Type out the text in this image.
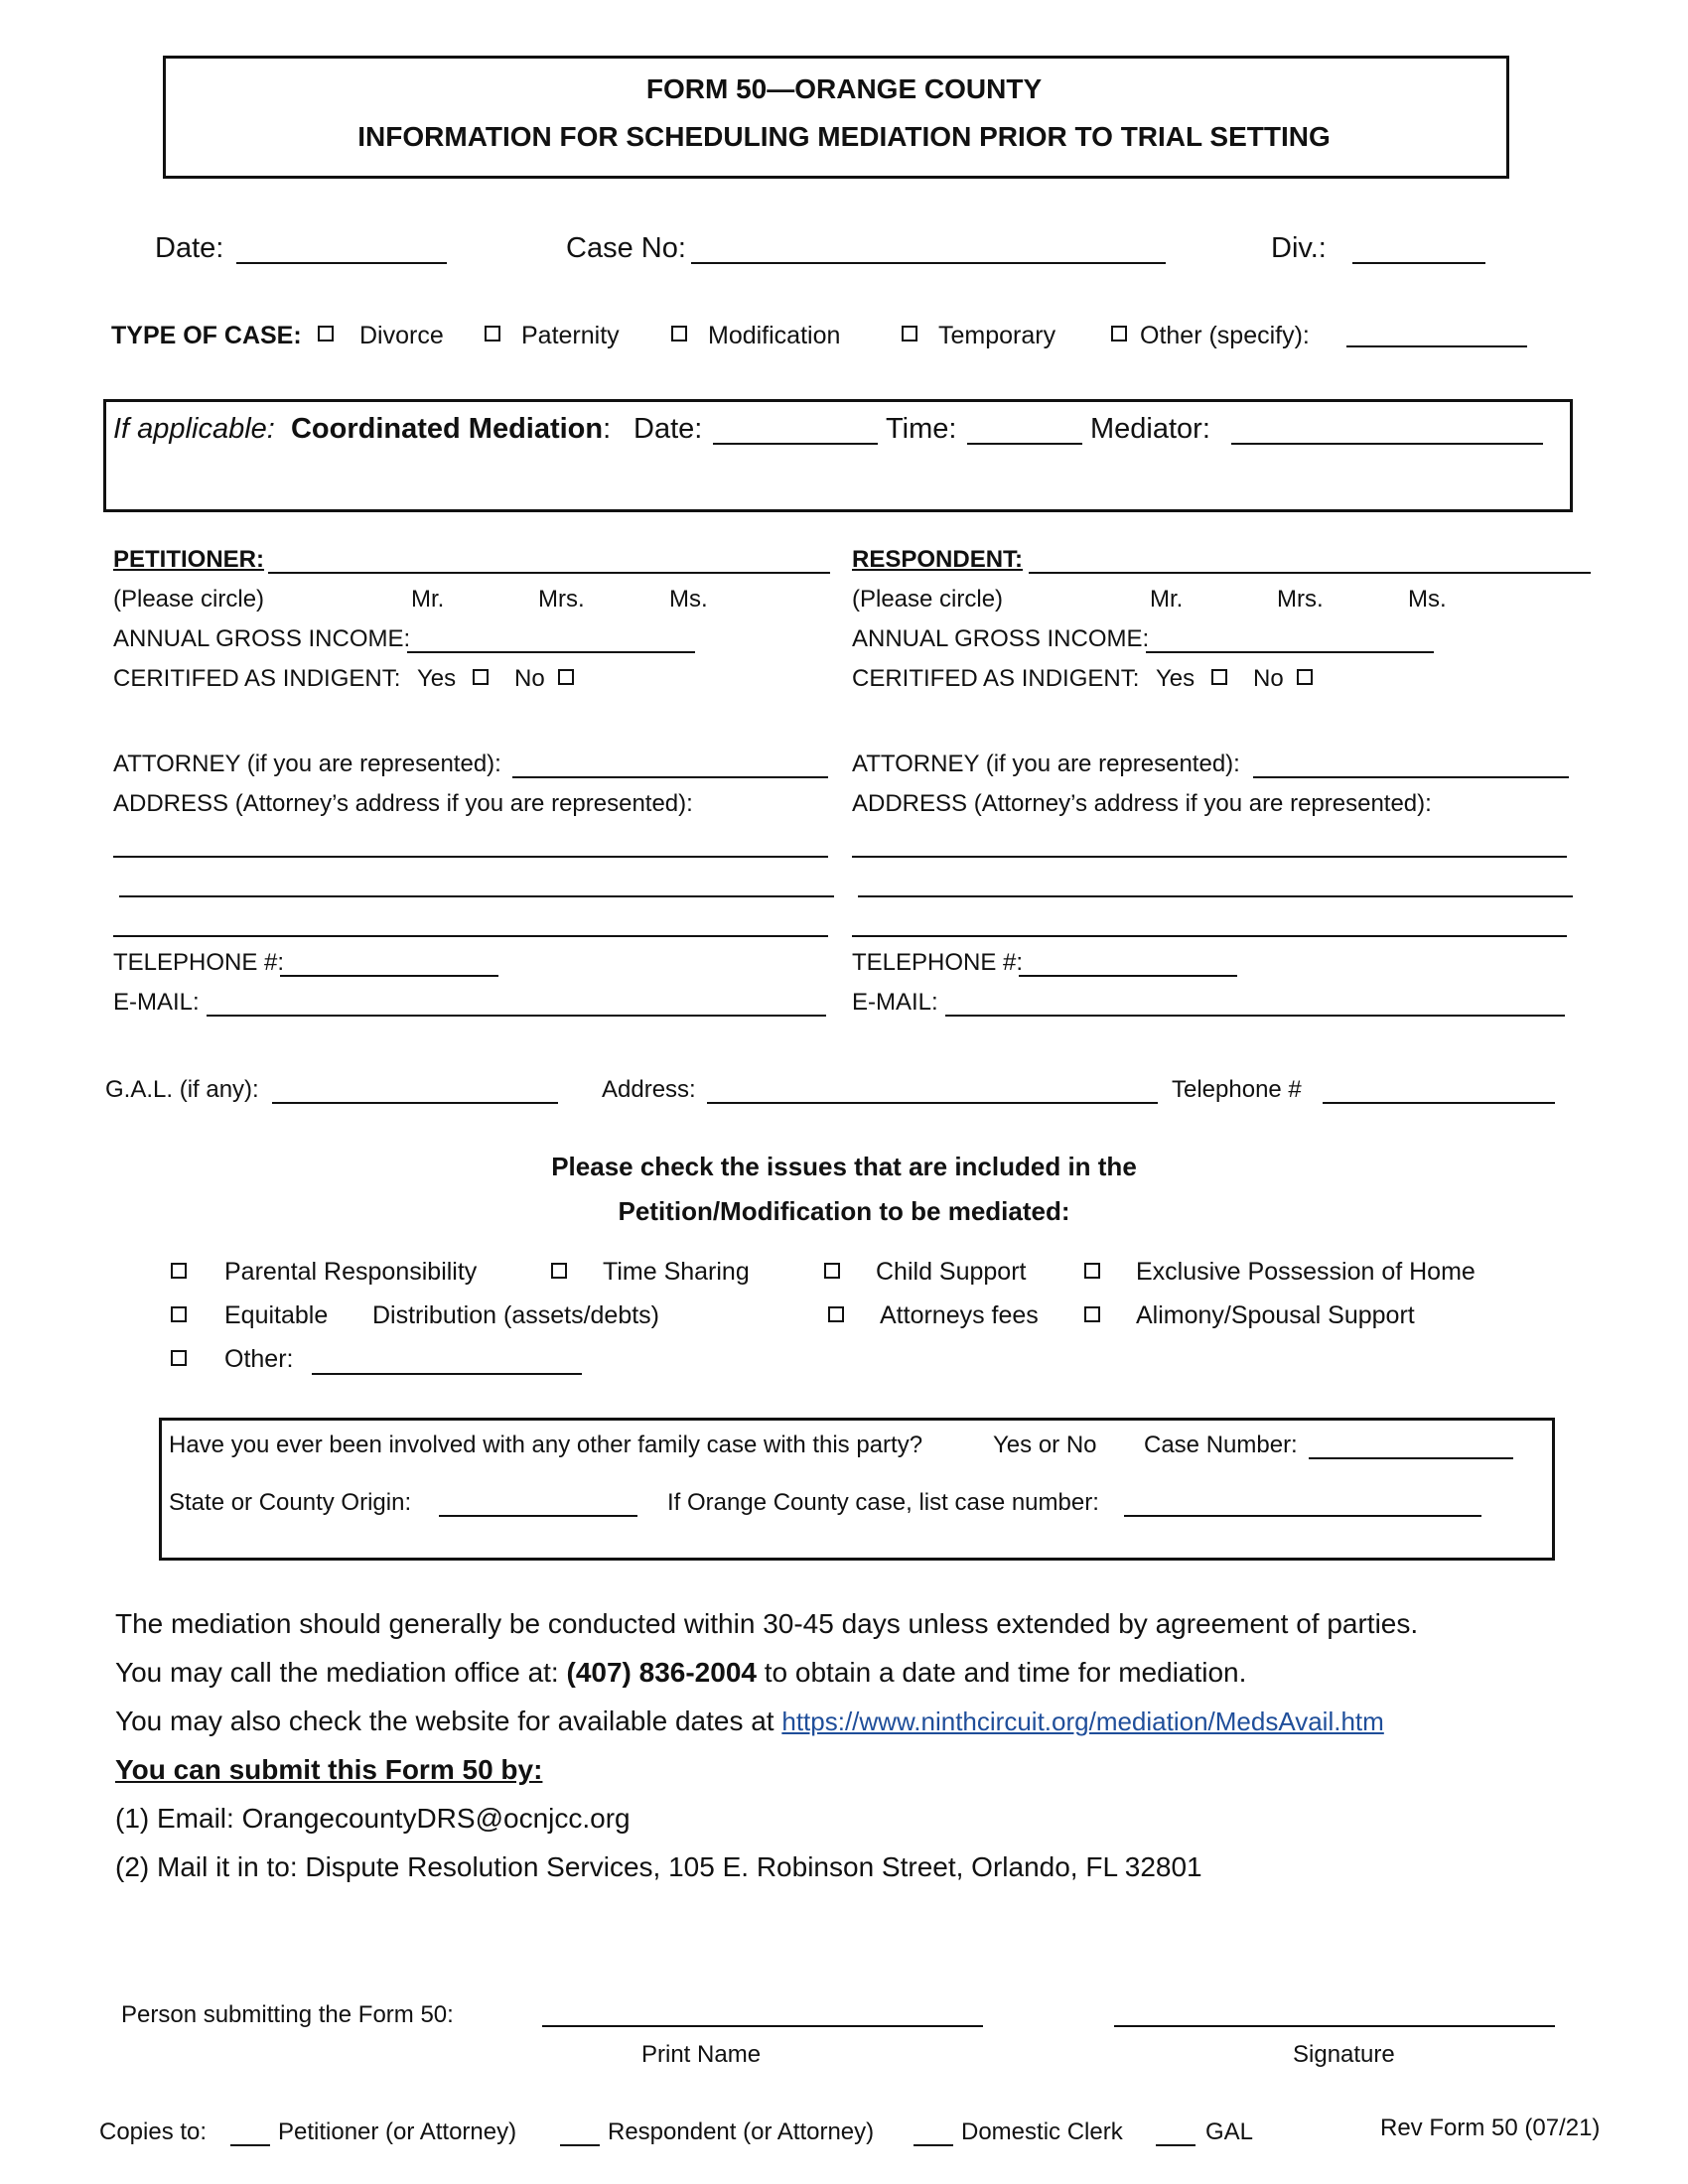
FORM 50—ORANGE COUNTY
INFORMATION FOR SCHEDULING MEDIATION PRIOR TO TRIAL SETTING
Date:	Case No:	Div.:
TYPE OF CASE: Divorce	Paternity	Modification	Temporary	Other (specify):
If applicable: Coordinated Mediation: Date:	Time:	Mediator:
PETITIONER:
(Please circle)	Mr.	Mrs.	Ms.
ANNUAL GROSS INCOME:
CERITIFED AS INDIGENT: Yes No
ATTORNEY (if you are represented):
ADDRESS (Attorney’s address if you are represented):
TELEPHONE #:
E-MAIL:
RESPONDENT:
(Please circle)	Mr.	Mrs.	Ms.
ANNUAL GROSS INCOME:
CERITIFED AS INDIGENT: Yes No
ATTORNEY (if you are represented):
ADDRESS (Attorney’s address if you are represented):
TELEPHONE #:
E-MAIL:
G.A.L. (if any):	Address:	Telephone #
Please check the issues that are included in the
Petition/Modification to be mediated:
Parental Responsibility	Time Sharing	Child Support	Exclusive Possession of Home
Equitable Distribution (assets/debts)	Attorneys fees	Alimony/Spousal Support
Other:
Have you ever been involved with any other family case with this party?	Yes or No Case Number:
State or County Origin:	If Orange County case, list case number:
The mediation should generally be conducted within 30-45 days unless extended by agreement of parties.
You may call the mediation office at: (407) 836-2004 to obtain a date and time for mediation.
You may also check the website for available dates at https://www.ninthcircuit.org/mediation/MedsAvail.htm
You can submit this Form 50 by:
(1) Email: OrangecountyDRS@ocnjcc.org
(2) Mail it in to: Dispute Resolution Services, 105 E. Robinson Street, Orlando, FL 32801
Person submitting the Form 50:
Print Name	Signature
Copies to:	Petitioner (or Attorney)	Respondent (or Attorney)	Domestic Clerk	GAL	Rev Form 50 (07/21)
